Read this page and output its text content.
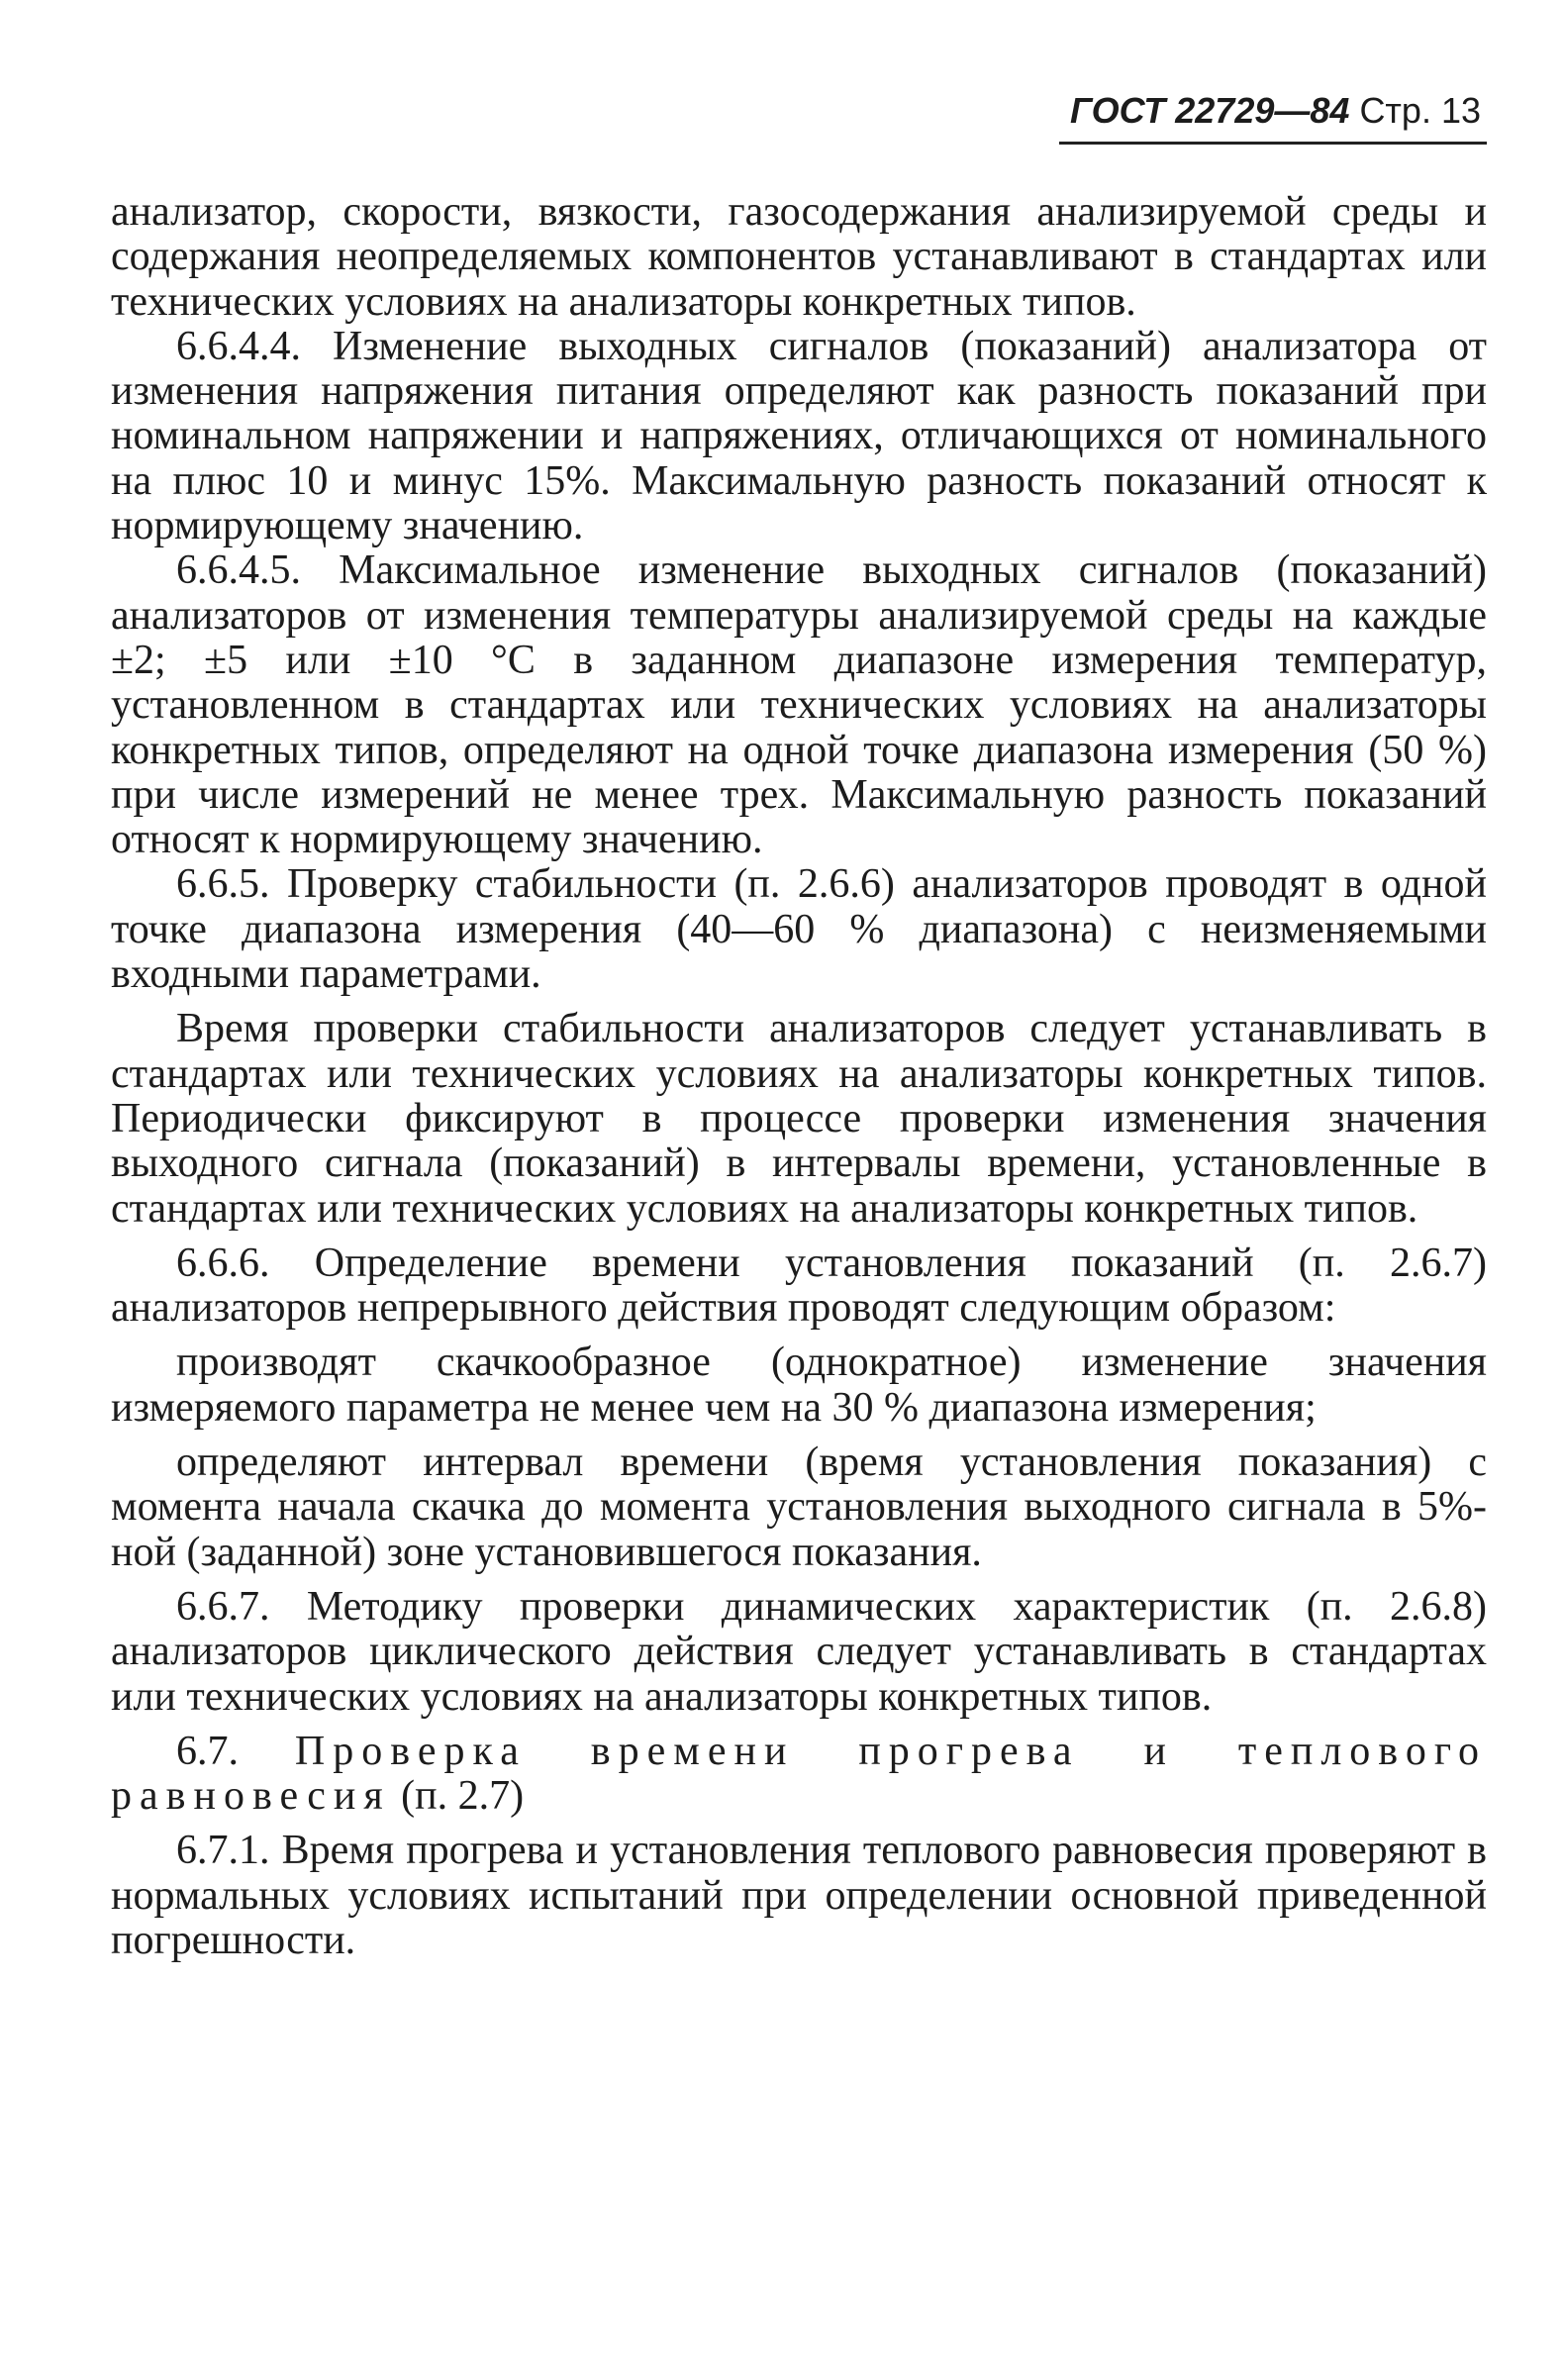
ГОСТ 22729—84 Стр. 13

анализатор, скорости, вязкости, газосодержания анализируемой среды и содержания неопределяемых компонентов устанавливают в стандартах или технических условиях на анализаторы конкретных типов.

6.6.4.4. Изменение выходных сигналов (показаний) анализатора от изменения напряжения питания определяют как разность показаний при номинальном напряжении и напряжениях, отличающихся от номинального на плюс 10 и минус 15%. Максимальную разность показаний относят к нормирующему значению.

6.6.4.5. Максимальное изменение выходных сигналов (показаний) анализаторов от изменения температуры анализируемой среды на каждые ±2; ±5 или ±10 °С в заданном диапазоне измерения температур, установленном в стандартах или технических условиях на анализаторы конкретных типов, определяют на одной точке диапазона измерения (50 %) при числе измерений не менее трех. Максимальную разность показаний относят к нормирующему значению.

6.6.5. Проверку стабильности (п. 2.6.6) анализаторов проводят в одной точке диапазона измерения (40—60 % диапазона) с неизменяемыми входными параметрами.

Время проверки стабильности анализаторов следует устанавливать в стандартах или технических условиях на анализаторы конкретных типов. Периодически фиксируют в процессе проверки изменения значения выходного сигнала (показаний) в интервалы времени, установленные в стандартах или технических условиях на анализаторы конкретных типов.

6.6.6. Определение времени установления показаний (п. 2.6.7) анализаторов непрерывного действия проводят следующим образом:

производят скачкообразное (однократное) изменение значения измеряемого параметра не менее чем на 30 % диапазона измерения;

определяют интервал времени (время установления показания) с момента начала скачка до момента установления выходного сигнала в 5%-ной (заданной) зоне установившегося показания.

6.6.7. Методику проверки динамических характеристик (п. 2.6.8) анализаторов циклического действия следует устанавливать в стандартах или технических условиях на анализаторы конкретных типов.

6.7. Проверка времени прогрева и теплового равновесия (п. 2.7)

6.7.1. Время прогрева и установления теплового равновесия проверяют в нормальных условиях испытаний при определении основной приведенной погрешности.
